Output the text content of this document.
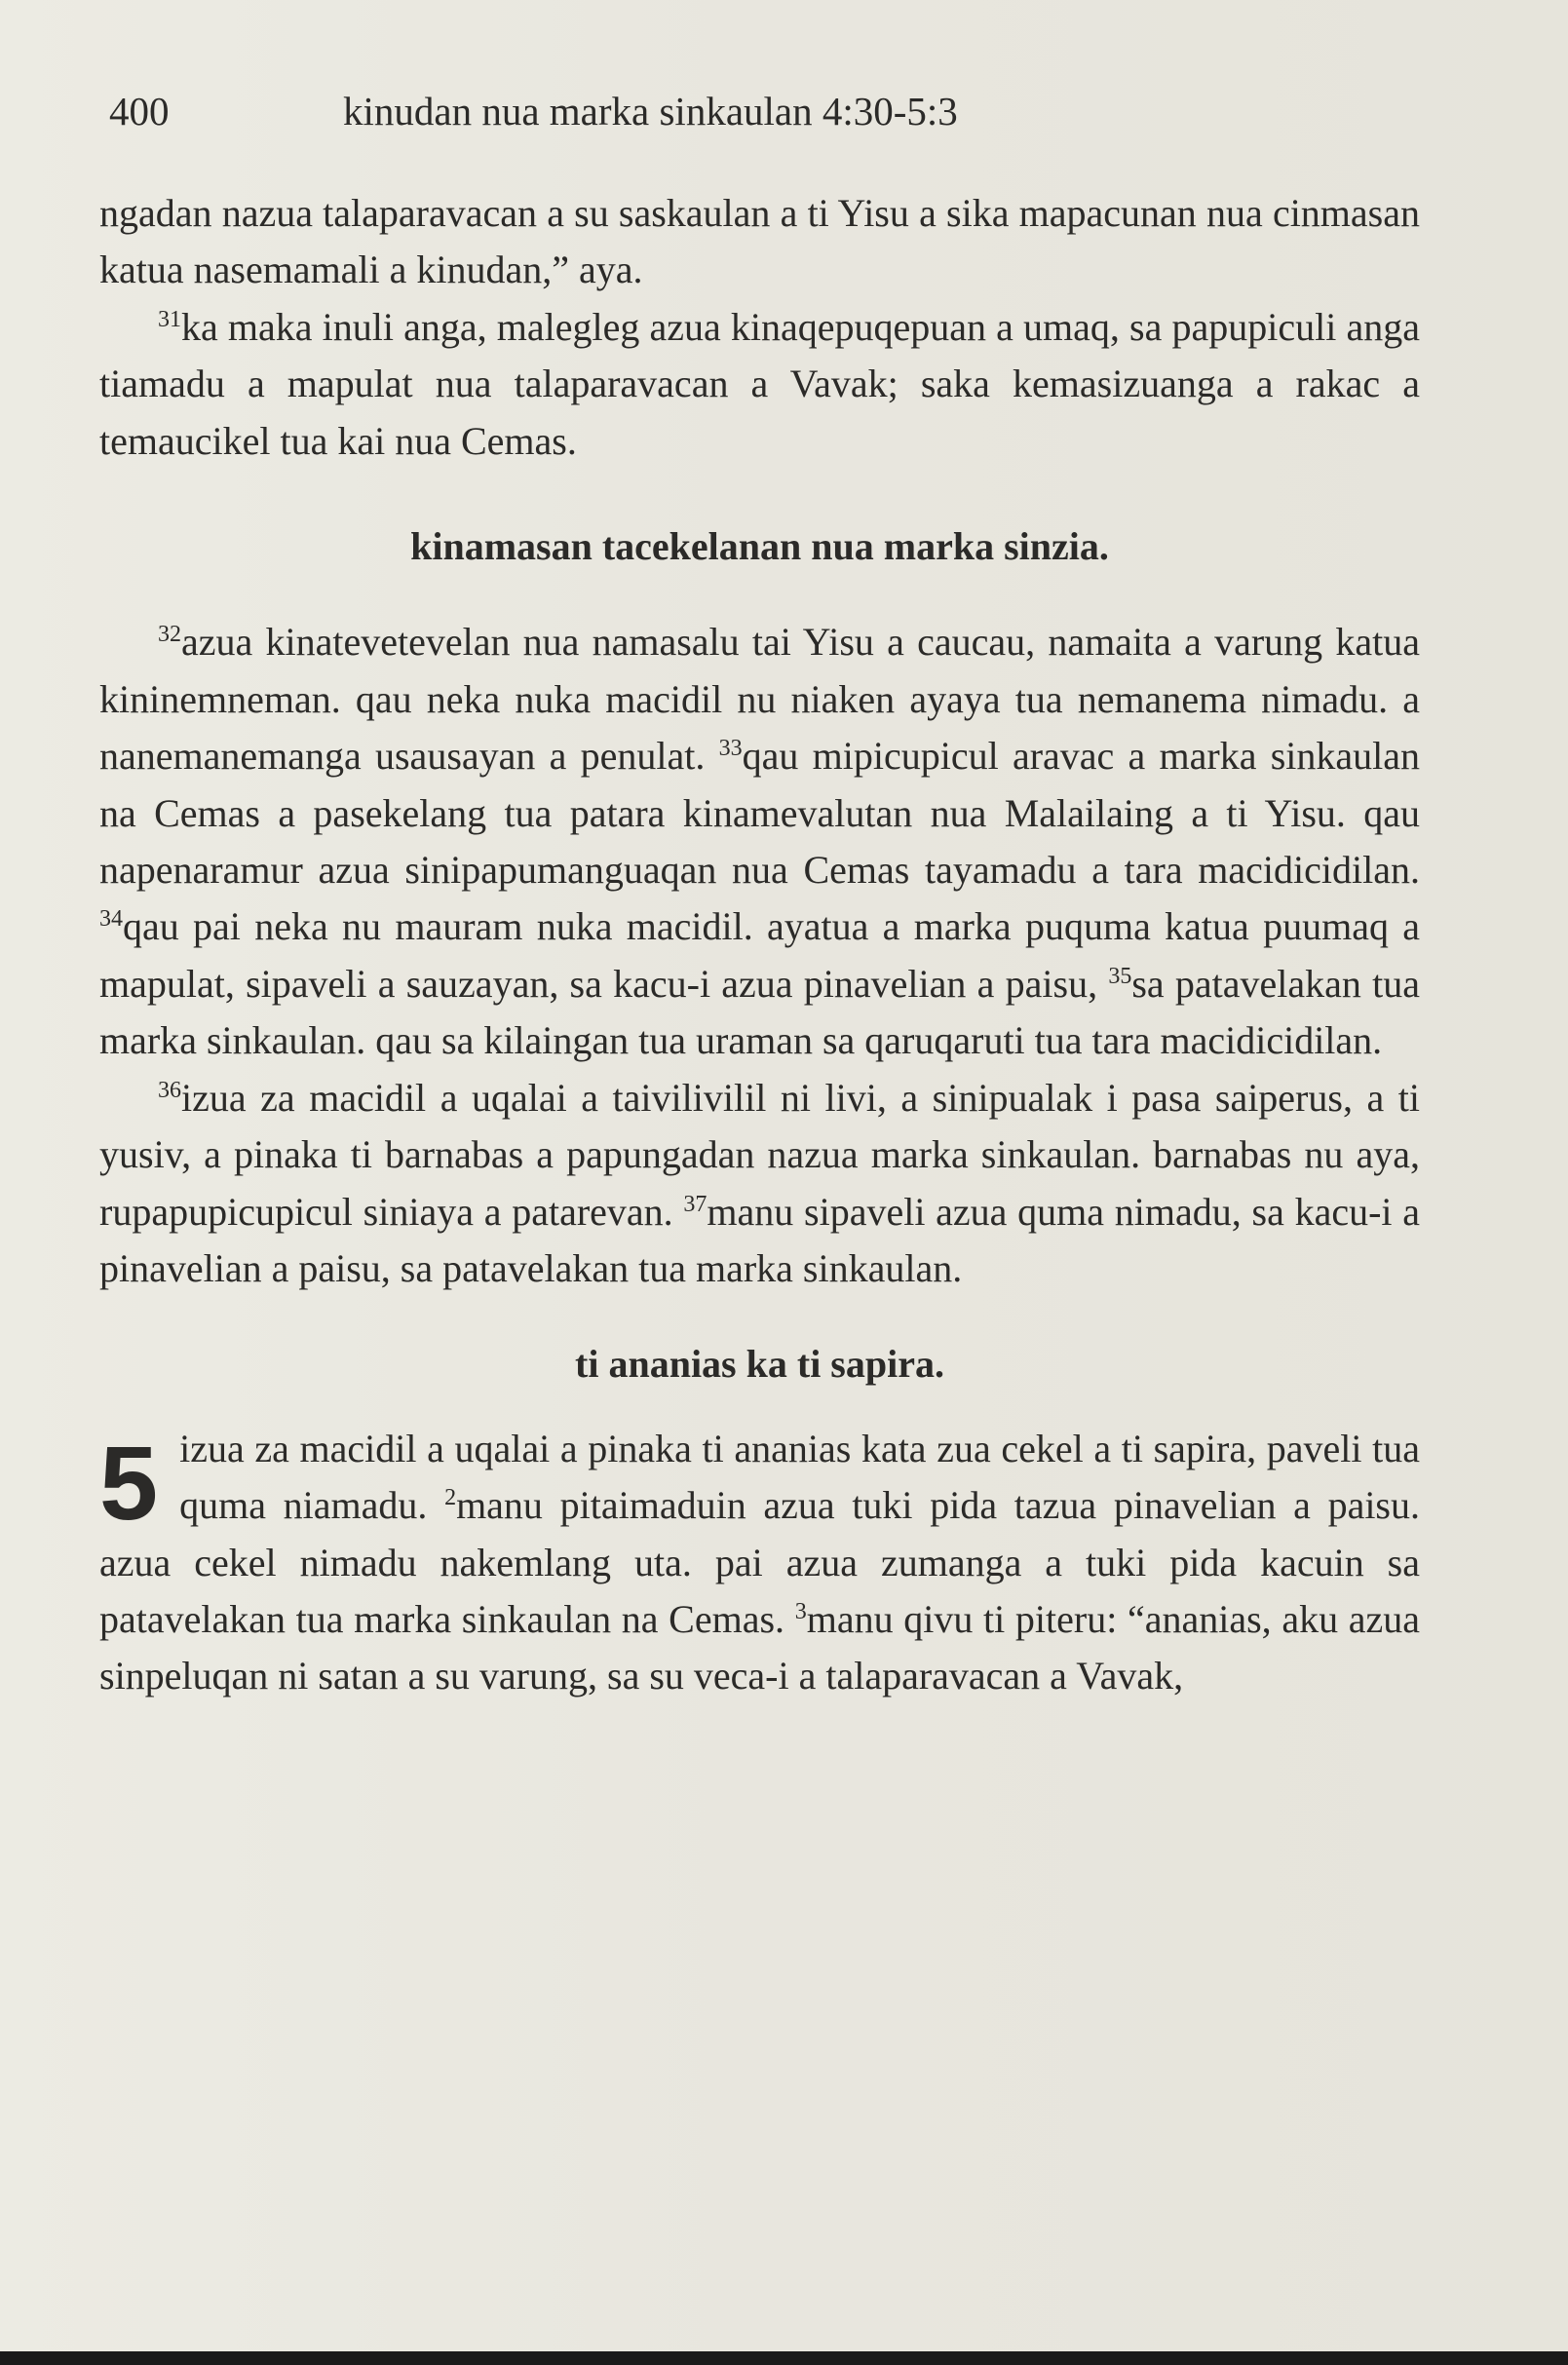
400	kinudan nua marka sinkaulan 4:30-5:3

ngadan nazua talaparavacan a su saskaulan a ti Yisu a sika mapacunan nua cinmasan katua nasemamali a kinudan,” aya.

$^{31}$ka maka inuli anga, malegleg azua kinaqepuqepuan a umaq, sa papupiculi anga tiamadu a mapulat nua talaparavacan a Vavak; saka kemasizuanga a rakac a temaucikel tua kai nua Cemas.

kinamasan tacekelanan nua marka sinzia.

$^{32}$azua kinatevetevelan nua namasalu tai Yisu a caucau, namaita a varung katua kininemneman. qau neka nuka macidil nu niaken ayaya tua nemanema nimadu. a nanemanemanga usausayan a penulat. $^{33}$qau mipicupicul aravac a marka sinkaulan na Cemas a pasekelang tua patara kinamevalutan nua Malailaing a ti Yisu. qau napenaramur azua sinipapumanguaqan nua Cemas tayamadu a tara macidicidilan. $^{34}$qau pai neka nu mauram nuka macidil. ayatua a marka puquma katua puumaq a mapulat, sipaveli a sauzayan, sa kacu-i azua pinavelian a paisu, $^{35}$sa patavelakan tua marka sinkaulan. qau sa kilaingan tua uraman sa qaruqaruti tua tara macidicidilan.

$^{36}$izua za macidil a uqalai a taivilivilil ni livi, a sinipualak i pasa saiperus, a ti yusiv, a pinaka ti barnabas a papungadan nazua marka sinkaulan. barnabas nu aya, rupapupicupicul siniaya a patarevan. $^{37}$manu sipaveli azua quma nimadu, sa kacu-i a pinavelian a paisu, sa patavelakan tua marka sinkaulan.

ti ananias ka ti sapira.

5 izua za macidil a uqalai a pinaka ti ananias kata zua cekel a ti sapira, paveli tua quma niamadu. $^2$manu pitaimaduin azua tuki pida tazua pinavelian a paisu. azua cekel nimadu nakemlang uta. pai azua zumanga a tuki pida kacuin sa patavelakan tua marka sinkaulan na Cemas. $^3$manu qivu ti piteru: “ananias, aku azua sinpeluqan ni satan a su varung, sa su veca-i a talaparavacan a Vavak,
